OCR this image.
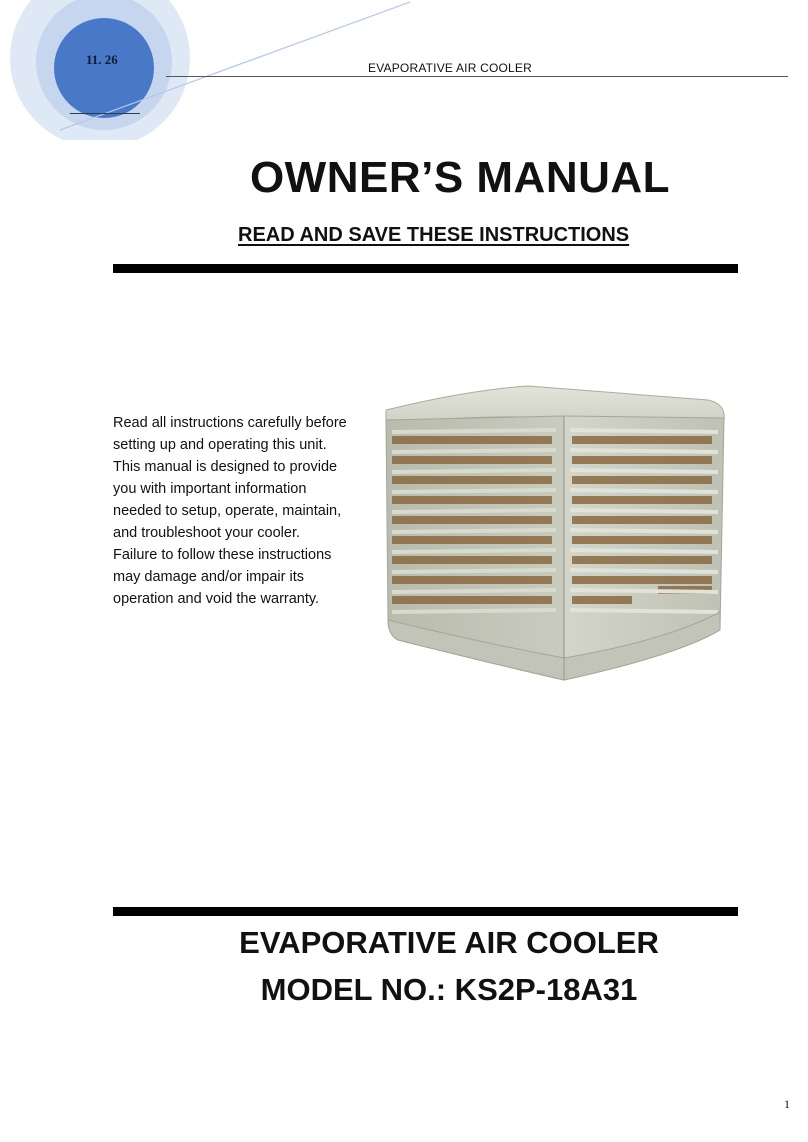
11. 26
EVAPORATIVE AIR COOLER
OWNER’S MANUAL
READ AND SAVE THESE INSTRUCTIONS
Read all instructions carefully before
setting up and operating this unit.
This manual is designed to provide
you with important information
needed to setup, operate, maintain,
and troubleshoot your cooler.
Failure to follow these instructions
may damage and/or impair its
operation and void the warranty.
EVAPORATIVE AIR COOLER
MODEL NO.: KS2P-18A31
1
